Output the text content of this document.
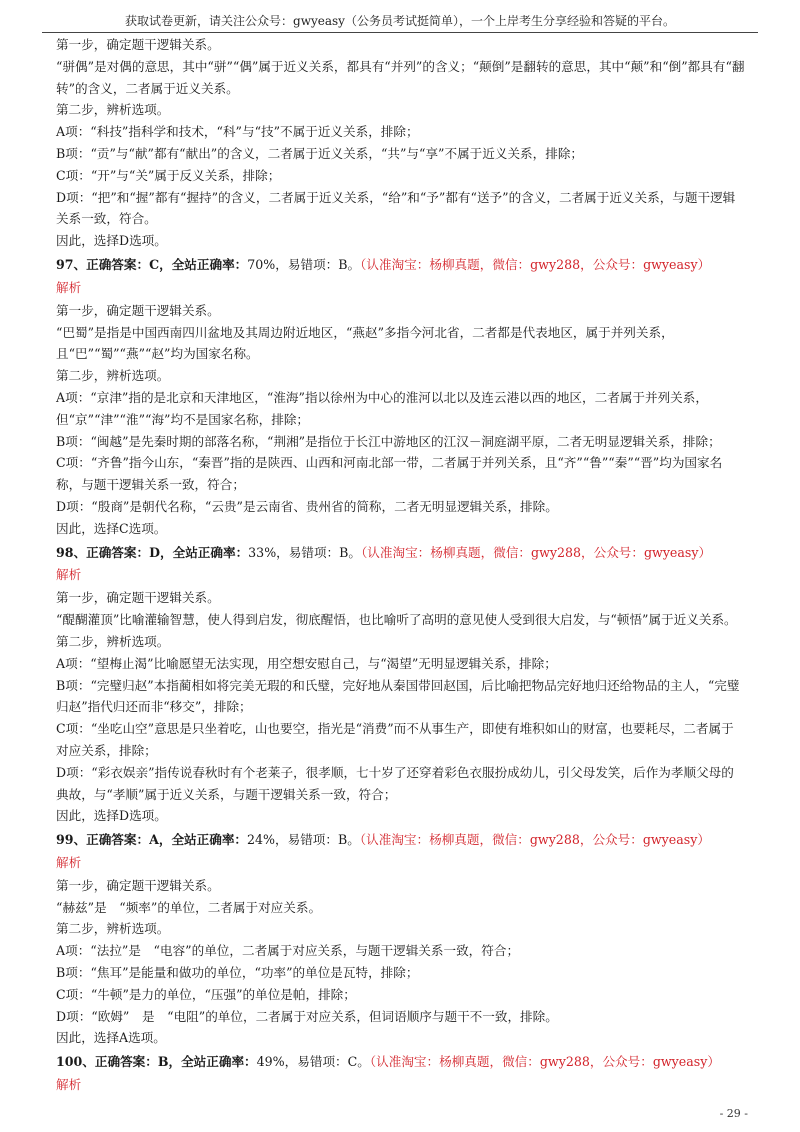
获取试卷更新，请关注公众号：gwyeasy（公务员考试挺简单），一个上岸考生分享经验和答疑的平台。

第一步，确定题干逻辑关系。

“骈偶”是对偶的意思，其中“骈”“偶”属于近义关系，都具有“并列”的含义；“颠倒”是翻转的意思，其中“颠”和“倒”都具有“翻转”的含义，二者属于近义关系。

第二步，辨析选项。

A项：“科技”指科学和技术，“科”与“技”不属于近义关系，排除；

B项：“贡”与“献”都有“献出”的含义，二者属于近义关系，“共”与“享”不属于近义关系，排除；

C项：“开”与“关”属于反义关系，排除；

D项：“把”和“握”都有“握持”的含义，二者属于近义关系，“给”和“予”都有“送予”的含义，二者属于近义关系，与题干逻辑关系一致，符合。

因此，选择D选项。

97、正确答案：C，全站正确率：70%，易错项：B。（认准淘宝：杨柳真题，微信：gwy288，公众号：gwyeasy）
解析

第一步，确定题干逻辑关系。

“巴蜀”是指是中国西南四川盆地及其周边附近地区，“燕赵”多指今河北省，二者都是代表地区，属于并列关系，且“巴”“蜀”“燕”“赵”均为国家名称。

第二步，辨析选项。

A项：“京津”指的是北京和天津地区，“淮海”指以徐州为中心的淮河以北以及连云港以西的地区，二者属于并列关系，但“京”“津”“淮”“海”均不是国家名称，排除；

B项：“闽越”是先秦时期的部落名称，“荆湘”是指位于长江中游地区的江汉－洞庭湖平原，二者无明显逻辑关系，排除；

C项：“齐鲁”指今山东，“秦晋”指的是陕西、山西和河南北部一带，二者属于并列关系，且“齐”“鲁”“秦”“晋”均为国家名称，与题干逻辑关系一致，符合；

D项：“殷商”是朝代名称，“云贵”是云南省、贵州省的简称，二者无明显逻辑关系，排除。

因此，选择C选项。

98、正确答案：D，全站正确率：33%，易错项：B。（认准淘宝：杨柳真题，微信：gwy288，公众号：gwyeasy）
解析

第一步，确定题干逻辑关系。

“醍醐灌顶”比喻灌输智慧，使人得到启发，彻底醒悟，也比喻听了高明的意见使人受到很大启发，与“顿悟”属于近义关系。

第二步，辨析选项。

A项：“望梅止渴”比喻愿望无法实现，用空想安慰自己，与“渴望”无明显逻辑关系，排除；

B项：“完璧归赵”本指蔺相如将完美无瑕的和氏璧，完好地从秦国带回赵国，后比喻把物品完好地归还给物品的主人，“完璧归赵”指代归还而非“移交”，排除；

C项：“坐吃山空”意思是只坐着吃，山也要空，指光是“消费”而不从事生产，即使有堆积如山的财富，也要耗尽，二者属于对应关系，排除；

D项：“彩衣娱亲”指传说春秋时有个老莱子，很孝顺，七十岁了还穿着彩色衣服扮成幼儿，引父母发笑，后作为孝顺父母的典故，与“孝顺”属于近义关系，与题干逻辑关系一致，符合；

因此，选择D选项。

99、正确答案：A，全站正确率：24%，易错项：B。（认准淘宝：杨柳真题，微信：gwy288，公众号：gwyeasy）
解析

第一步，确定题干逻辑关系。

“赫兹”是　“频率”的单位，二者属于对应关系。

第二步，辨析选项。

A项：“法拉”是　“电容”的单位，二者属于对应关系，与题干逻辑关系一致，符合；

B项：“焦耳”是能量和做功的单位，“功率”的单位是瓦特，排除；

C项：“牛顿”是力的单位，“压强”的单位是帕，排除；

D项：“欧姆”　是　“电阻”的单位，二者属于对应关系，但词语顺序与题干不一致，排除。

因此，选择A选项。

100、正确答案：B，全站正确率：49%，易错项：C。（认准淘宝：杨柳真题，微信：gwy288，公众号：gwyeasy）
解析
- 29 -
